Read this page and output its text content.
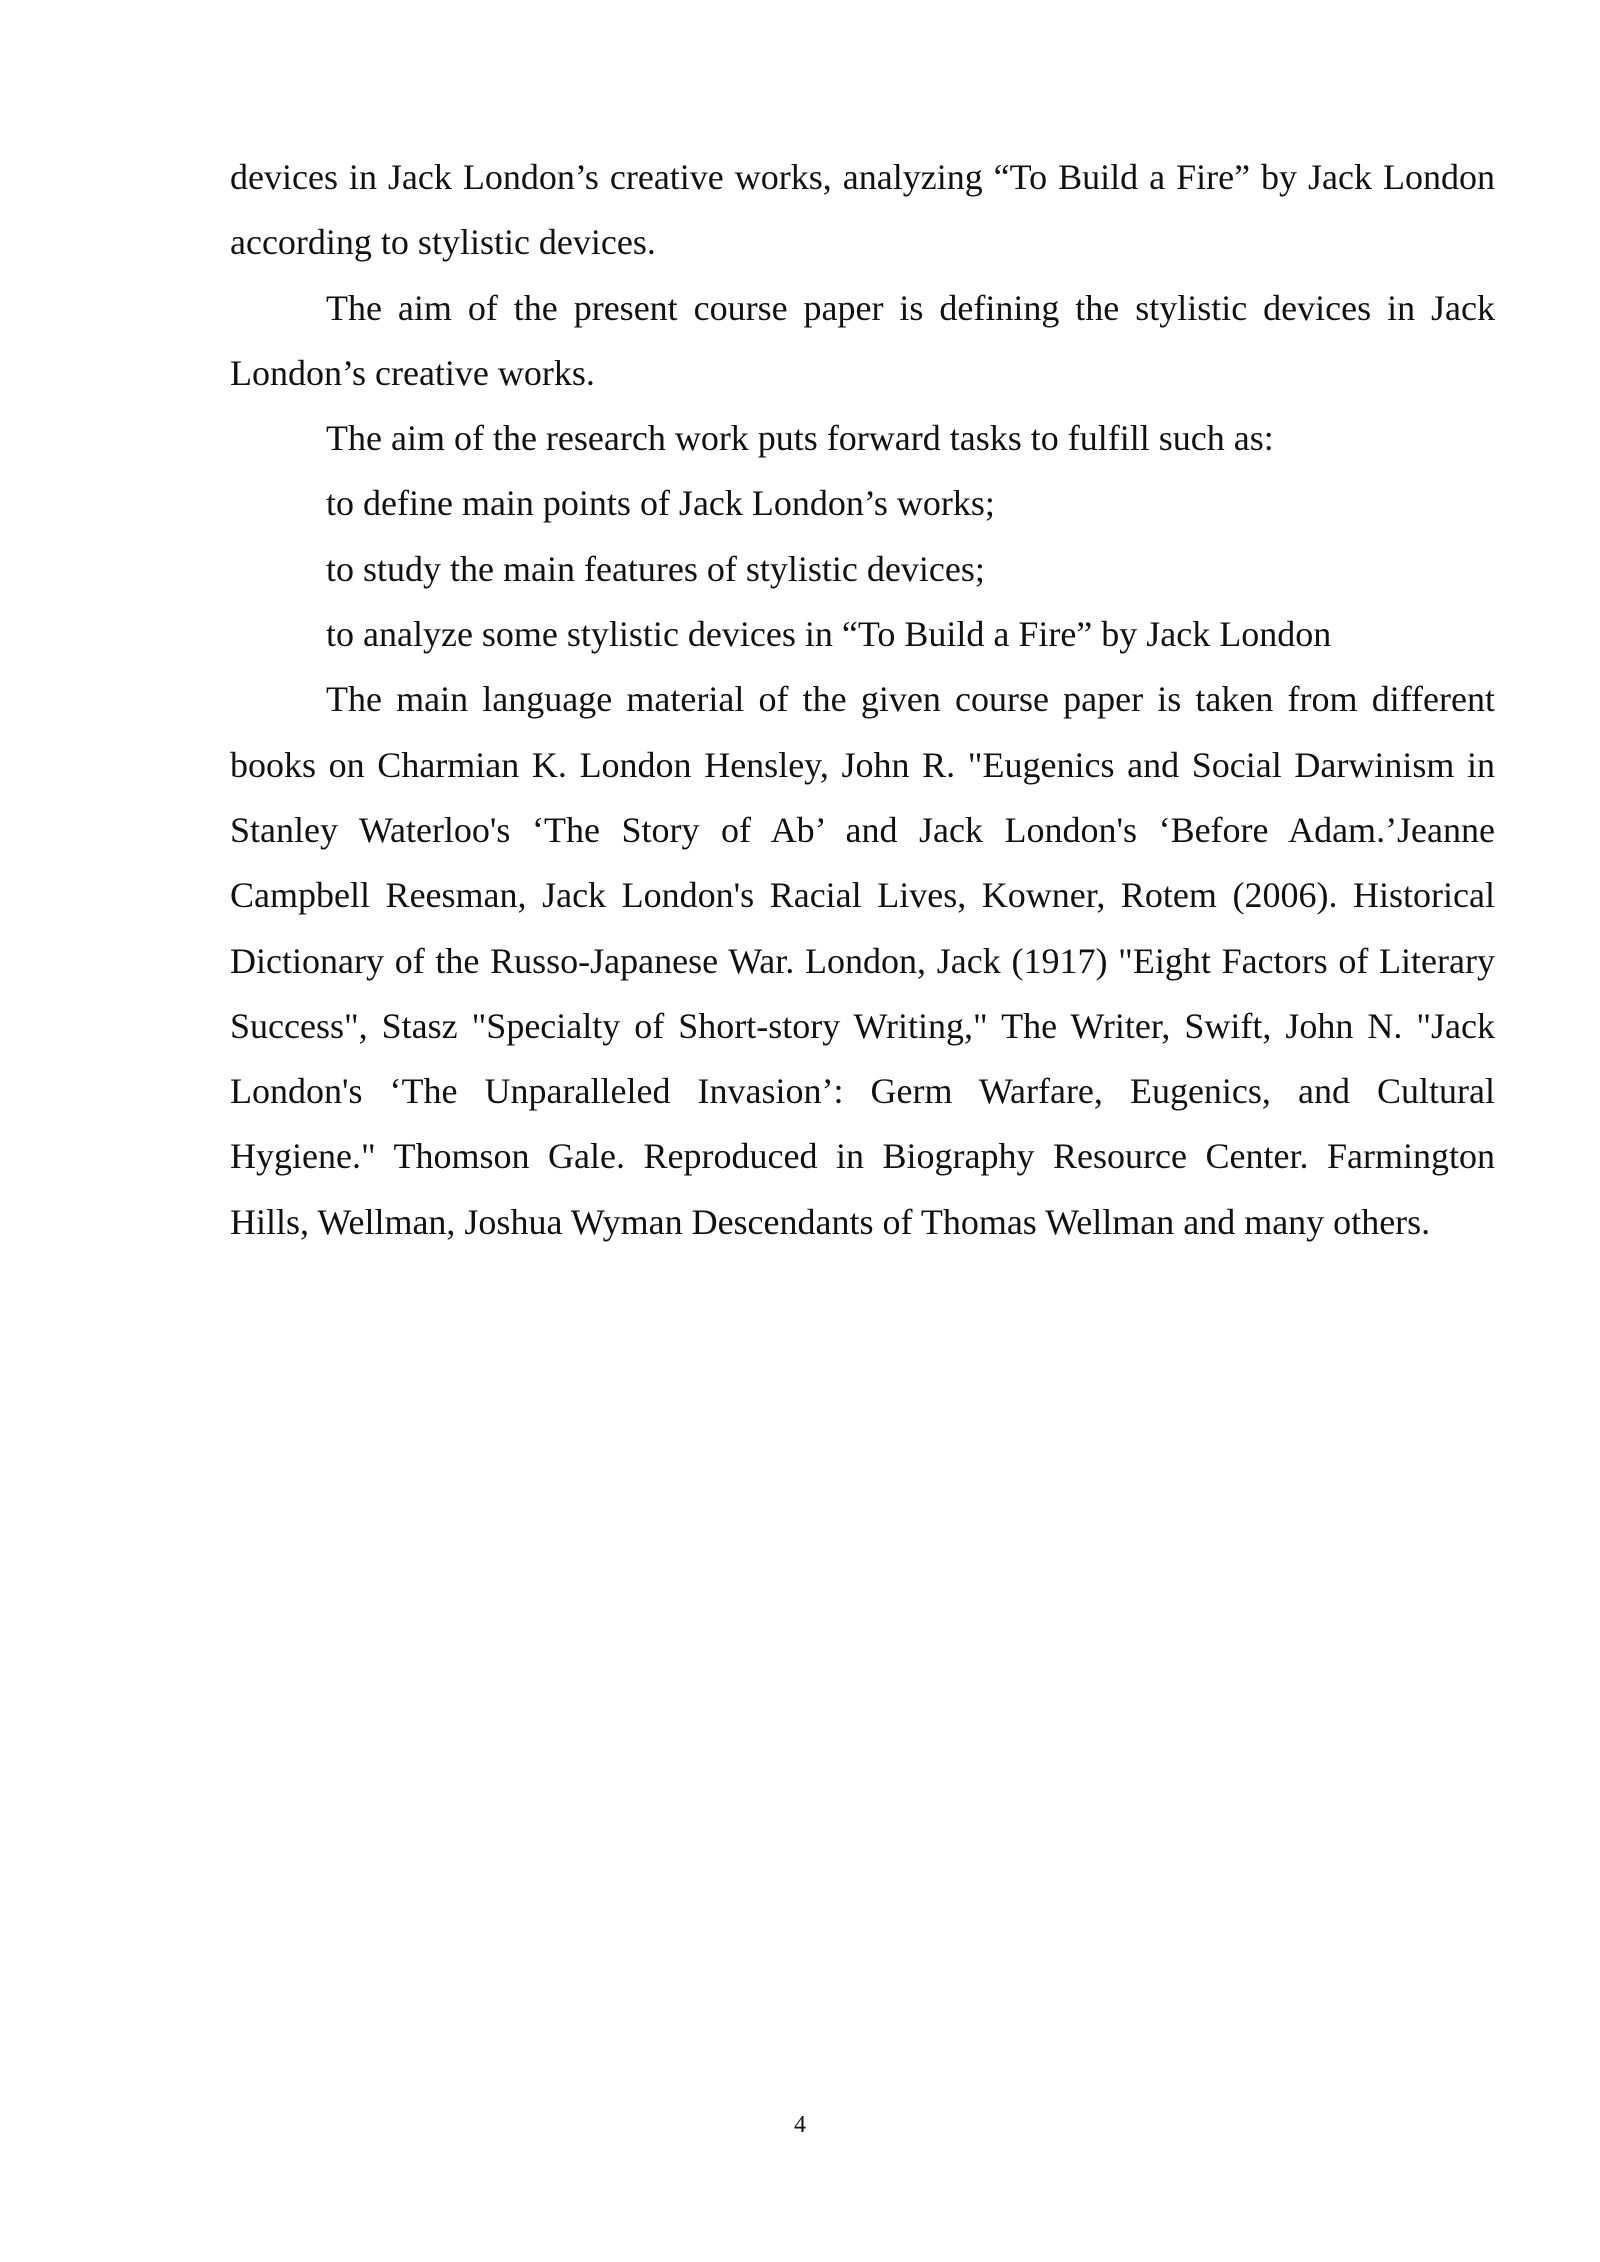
devices in Jack London’s creative works, analyzing “To Build a Fire” by Jack London according to stylistic devices.

The aim of the present course paper is defining the stylistic devices in Jack London’s creative works.

The aim of the research work puts forward tasks to fulfill such as:

to define main points of Jack London’s works;

to study the main features of stylistic devices;

to analyze some stylistic devices in “To Build a Fire” by Jack London

The main language material of the given course paper is taken from different books on Charmian K. London Hensley, John R. "Eugenics and Social Darwinism in Stanley Waterloo's ‘The Story of Ab’ and Jack London's ‘Before Adam.’Jeanne Campbell Reesman, Jack London's Racial Lives, Kowner, Rotem (2006). Historical Dictionary of the Russo-Japanese War. London, Jack (1917) "Eight Factors of Literary Success", Stasz "Specialty of Short-story Writing," The Writer, Swift, John N. "Jack London's ‘The Unparalleled Invasion’: Germ Warfare, Eugenics, and Cultural Hygiene." Thomson Gale. Reproduced in Biography Resource Center. Farmington Hills, Wellman, Joshua Wyman Descendants of Thomas Wellman and many others.

4
